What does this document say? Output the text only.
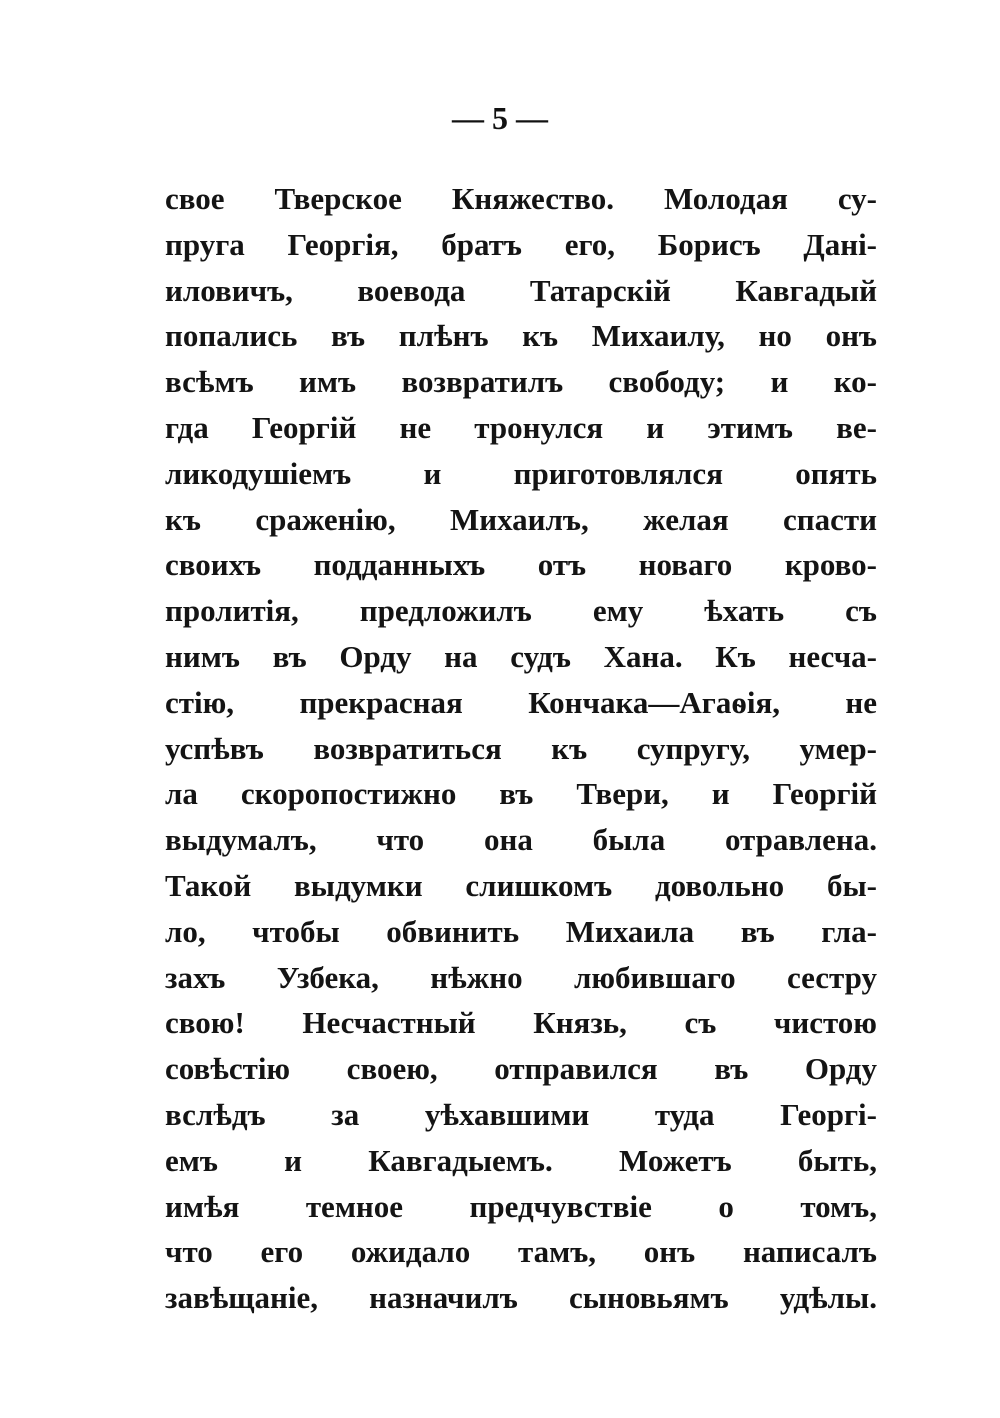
— 5 —
свое Тверское Княжество. Молодая су-
пруга Георгія, братъ его, Борисъ Дані-
иловичъ, воевода Татарскій Кавгадый
попались въ плѣнъ къ Михаилу, но онъ
всѣмъ имъ возвратилъ свободу; и ко-
гда Георгій не тронулся и этимъ ве-
ликодушіемъ и приготовлялся опять
къ сраженію, Михаилъ, желая спасти
своихъ подданныхъ отъ новаго крово-
пролитія, предложилъ ему ѣхать съ
нимъ въ Орду на судъ Хана. Къ несча-
стію, прекрасная Кончака—Агаѳія, не
успѣвъ возвратиться къ супругу, умер-
ла скоропостижно въ Твери, и Георгій
выдумалъ, что она была отравлена.
Такой выдумки слишкомъ довольно бы-
ло, чтобы обвинить Михаила въ гла-
захъ Узбека, нѣжно любившаго сестру
свою! Несчастный Князь, съ чистою
совѣстію своею, отправился въ Орду
вслѣдъ за уѣхавшими туда Георгі-
емъ и Кавгадыемъ. Можетъ быть,
имѣя темное предчувствіе о томъ,
что его ожидало тамъ, онъ написалъ
завѣщаніе, назначилъ сыновьямъ удѣлы.
